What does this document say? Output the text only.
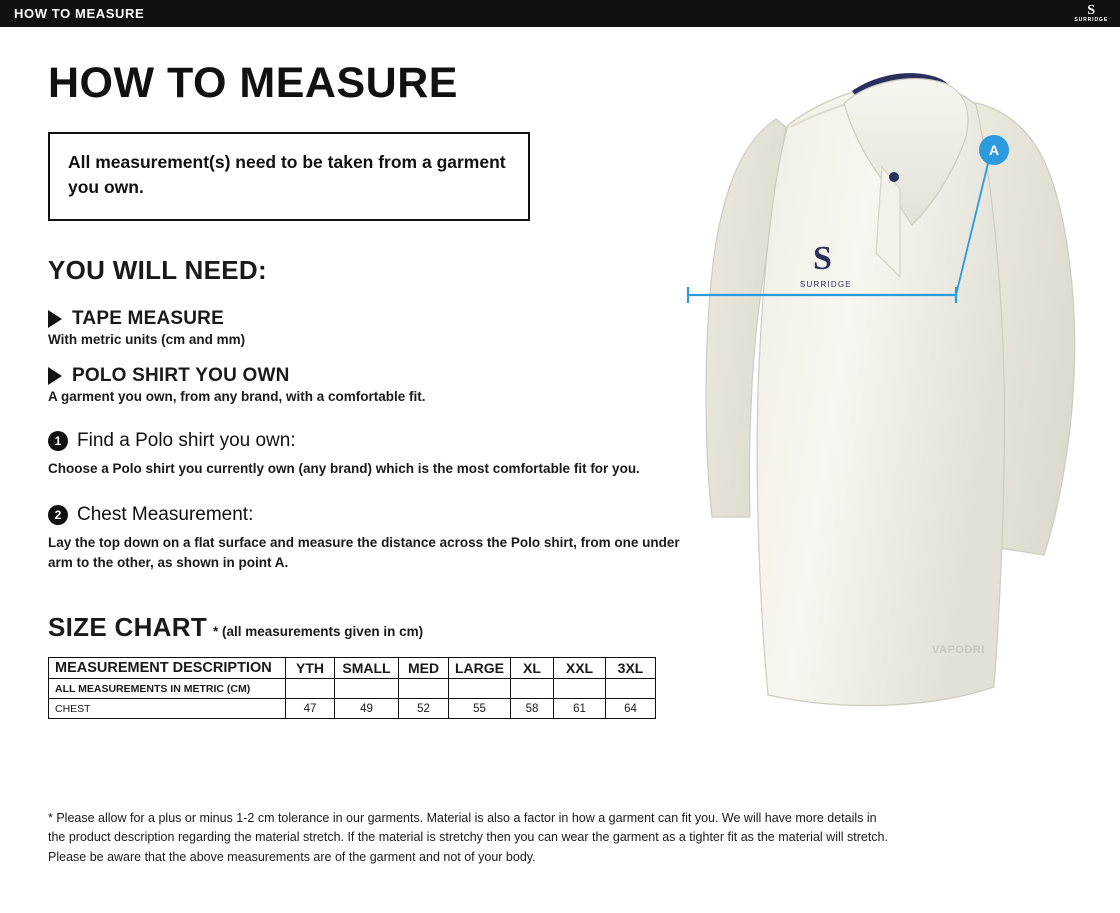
HOW TO MEASURE	S
SURRIDGE
HOW TO MEASURE
All measurement(s) need to be taken from a garment you own.
YOU WILL NEED:
TAPE MEASURE
With metric units (cm and mm)
POLO SHIRT YOU OWN
A garment you own, from any brand, with a comfortable fit.
1 Find a Polo shirt you own:
Choose a Polo shirt you currently own (any brand) which is the most comfortable fit for you.
2 Chest Measurement:
Lay the top down on a flat surface and measure the distance across the Polo shirt, from one under arm to the other, as shown in point A.
SIZE CHART * (all measurements given in cm)
MEASUREMENT DESCRIPTION	YTH	SMALL	MED	LARGE	XL	XXL	3XL
ALL MEASUREMENTS IN METRIC (CM)							
CHEST	47	49	52	55	58	61	64
* Please allow for a plus or minus 1-2 cm tolerance in our garments. Material is also a factor in how a garment can fit you. We will have more details in the product description regarding the material stretch. If the material is stretchy then you can wear the garment as a tighter fit as the material will stretch. Please be aware that the above measurements are of the garment and not of your body.
S
SURRIDGE
VAPODRI
A
